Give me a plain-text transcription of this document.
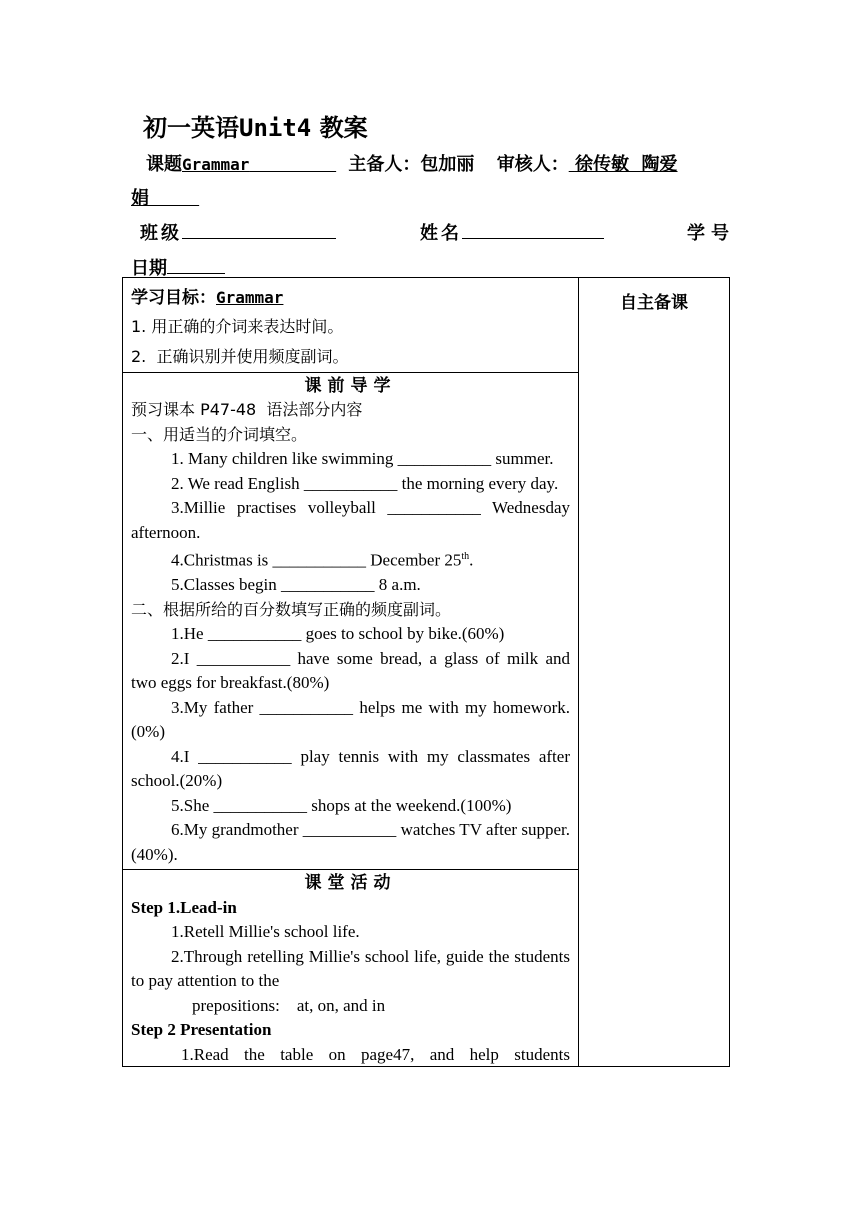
初一英语Unit4 教案
课题Grammar	主备人：包加丽 审核人： 徐传敏  陶爱
娟
班级	姓名	学号
日期
学习目标：Grammar
1. 用正确的介词来表达时间。
2.  正确识别并使用频度副词。

自主备课

课前导学
预习课本 P47-48  语法部分内容
一、用适当的介词填空。

1. Many children like swimming ___________ summer.

2. We read English ___________ the morning every day.

3.Millie practises volleyball ___________ Wednesday afternoon.

4.Christmas is ___________ December 25th.

5.Classes begin ___________ 8 a.m.

二、根据所给的百分数填写正确的频度副词。

1.He ___________ goes to school by bike.(60%)

2.I ___________ have some bread, a glass of milk and two eggs for breakfast.(80%)

3.My father ___________ helps me with my homework.(0%)

4.I ___________ play tennis with my classmates after school.(20%)

5.She ___________ shops at the weekend.(100%)

6.My grandmother ___________ watches TV after supper.(40%).

课堂活动
Step 1.Lead-in

1.Retell Millie's school life.

2.Through retelling Millie's school life, guide the students to pay attention to the

prepositions:    at, on, and in
Step 2 Presentation

1.Read the table on page47, and help students
